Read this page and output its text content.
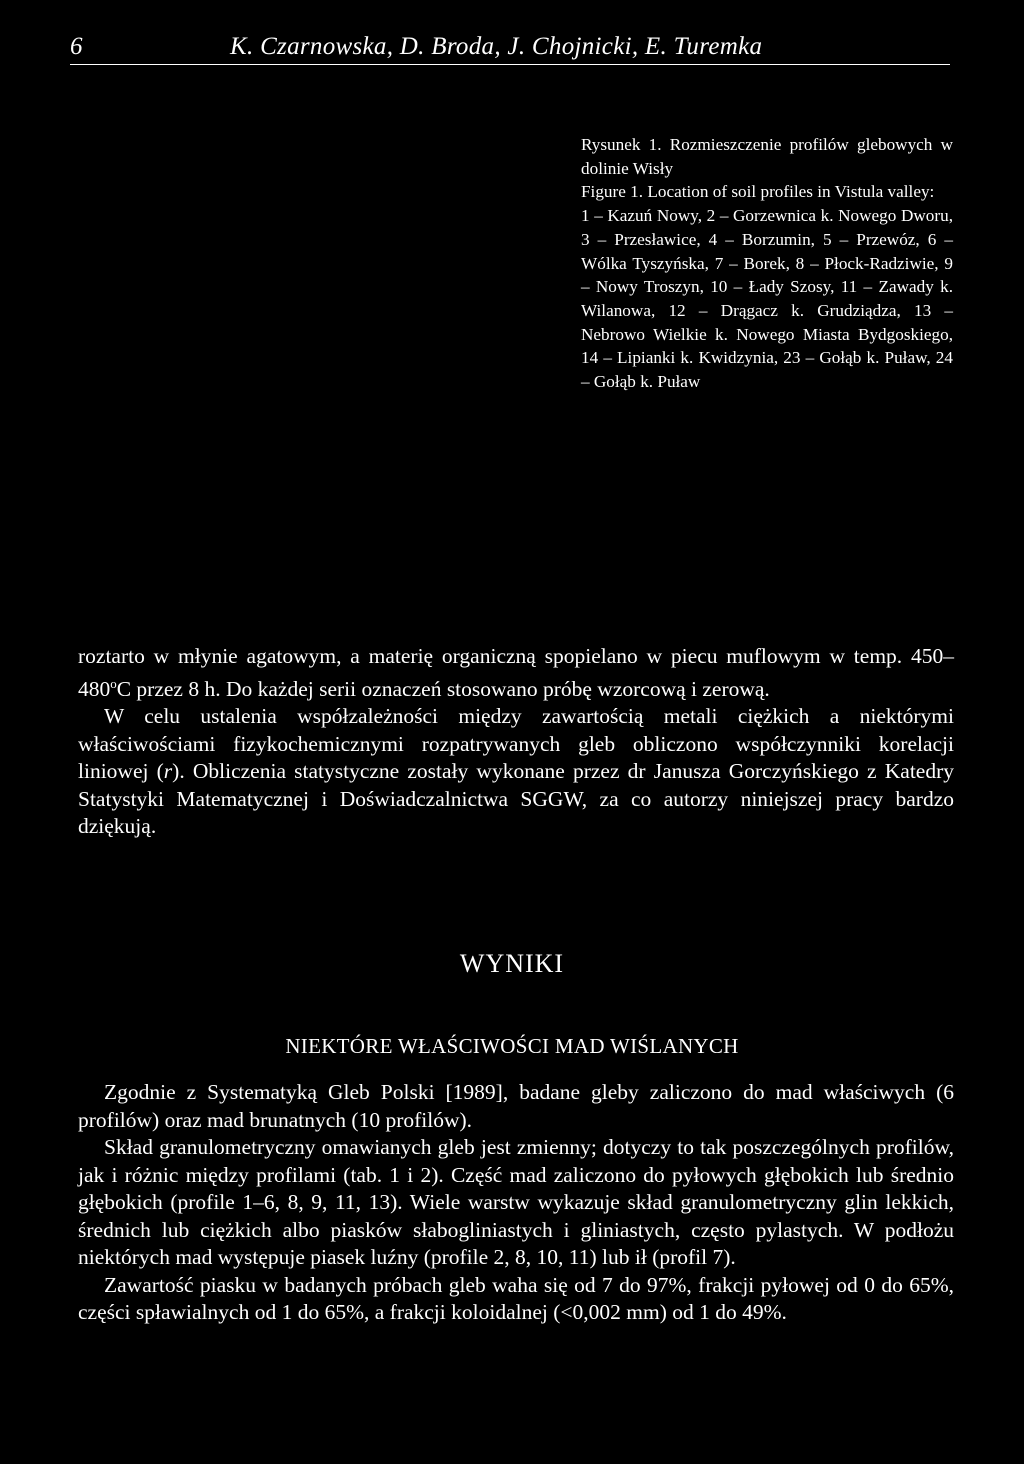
6	K. Czarnowska, D. Broda, J. Chojnicki, E. Turemka

Rysunek 1. Rozmieszczenie profilów glebowych w dolinie Wisły

Figure 1. Location of soil profiles in Vistula valley:

1 – Kazuń Nowy, 2 – Gorzewnica k. Nowego Dworu, 3 – Przesławice, 4 – Borzumin, 5 – Przewóz, 6 – Wólka Tyszyńska, 7 – Borek, 8 – Płock-Radziwie, 9 – Nowy Troszyn, 10 – Łady Szosy, 11 – Zawady k. Wilanowa, 12 – Drągacz k. Grudziądza, 13 – Nebrowo Wielkie k. Nowego Miasta Bydgoskiego, 14 – Lipianki k. Kwidzynia, 23 – Gołąb k. Puław, 24 – Gołąb k. Puław

roztarto w młynie agatowym, a materię organiczną spopielano w piecu muflowym w temp. 450–480$^o$C przez 8 h. Do każdej serii oznaczeń stosowano próbę wzorcową i zerową.

W celu ustalenia współzależności między zawartością metali ciężkich a niektórymi właściwościami fizykochemicznymi rozpatrywanych gleb obliczono współczynniki korelacji liniowej (r). Obliczenia statystyczne zostały wykonane przez dr Janusza Gorczyńskiego z Katedry Statystyki Matematycznej i Doświadczalnictwa SGGW, za co autorzy niniejszej pracy bardzo dziękują.

WYNIKI
NIEKTÓRE WŁAŚCIWOŚCI MAD WIŚLANYCH

Zgodnie z Systematyką Gleb Polski [1989], badane gleby zaliczono do mad właściwych (6 profilów) oraz mad brunatnych (10 profilów).

Skład granulometryczny omawianych gleb jest zmienny; dotyczy to tak poszczególnych profilów, jak i różnic między profilami (tab. 1 i 2). Część mad zaliczono do pyłowych głębokich lub średnio głębokich (profile 1–6, 8, 9, 11, 13). Wiele warstw wykazuje skład granulometryczny glin lekkich, średnich lub ciężkich albo piasków słabogliniastych i gliniastych, często pylastych. W podłożu niektórych mad występuje piasek luźny (profile 2, 8, 10, 11) lub ił (profil 7).

Zawartość piasku w badanych próbach gleb waha się od 7 do 97%, frakcji pyłowej od 0 do 65%, części spławialnych od 1 do 65%, a frakcji koloidalnej (<0,002 mm) od 1 do 49%.
